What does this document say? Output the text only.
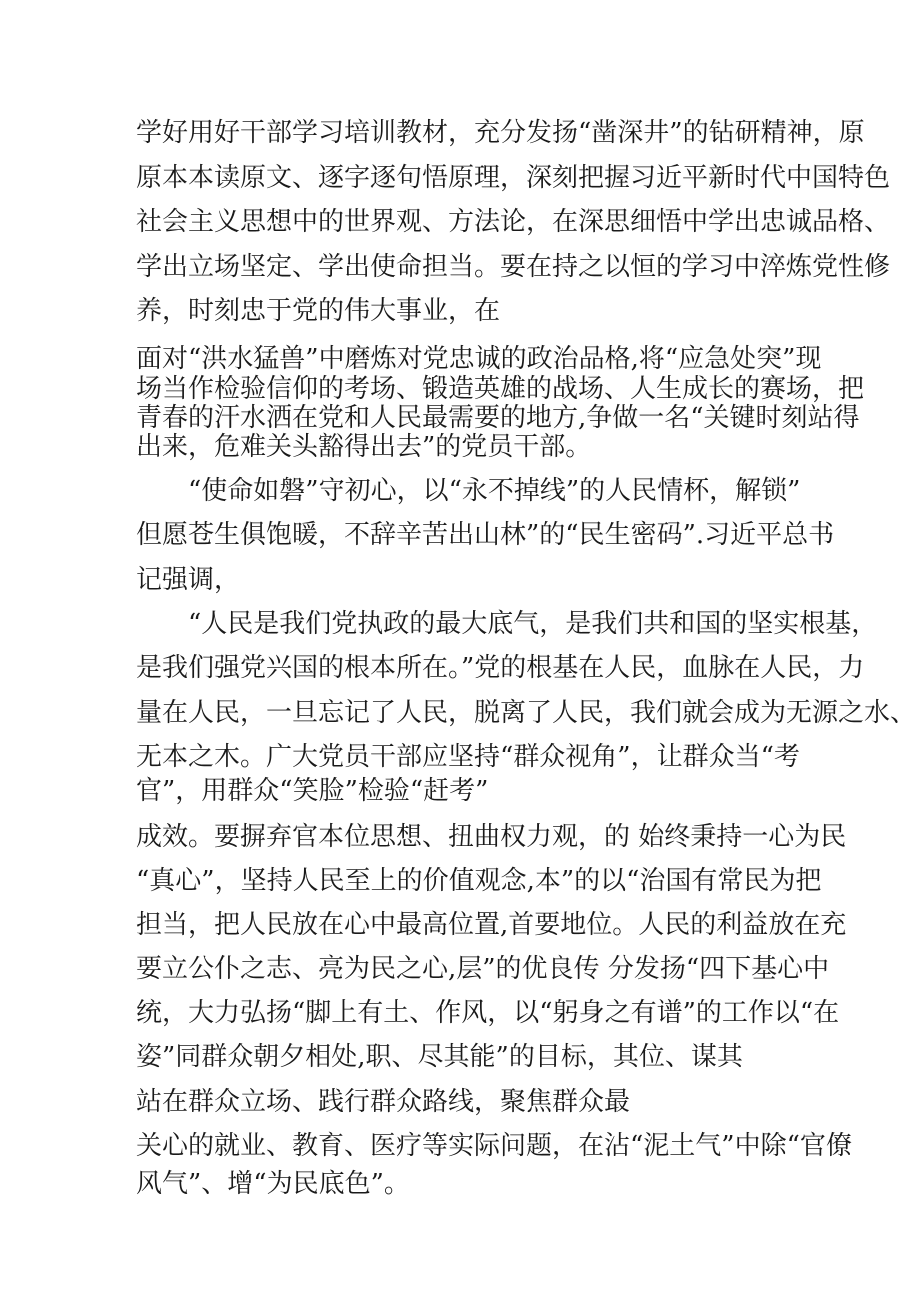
学好用好干部学习培训教材，充分发扬“凿深井”的钻研精神，原
原本本读原文、逐字逐句悟原理，深刻把握习近平新时代中国特色
社会主义思想中的世界观、方法论，在深思细悟中学出忠诚品格、
学出立场坚定、学出使命担当。要在持之以恒的学习中淬炼党性修
养，时刻忠于党的伟大事业，在
面对“洪水猛兽”中磨炼对党忠诚的政治品格,将“应急处突”现
场当作检验信仰的考场、锻造英雄的战场、人生成长的赛场，把
青春的汗水洒在党和人民最需要的地方,争做一名“关键时刻站得
出来，危难关头豁得出去”的党员干部。
“使命如磐”守初心，以“永不掉线”的人民情杯，解锁”
但愿苍生俱饱暖，不辞辛苦出山林”的“民生密码”.习近平总书
记强调，
“人民是我们党执政的最大底气，是我们共和国的坚实根基，
是我们强党兴国的根本所在。”党的根基在人民，血脉在人民，力
量在人民，一旦忘记了人民，脱离了人民，我们就会成为无源之水、
无本之木。广大党员干部应坚持“群众视角”，让群众当“考
官”，用群众“笑脸”检验“赶考”
成效。要摒弃官本位思想、扭曲权力观，的 始终秉持一心为民
“真心”，坚持人民至上的价值观念,本”的以“治国有常民为把
担当，把人民放在心中最高位置,首要地位。人民的利益放在充
要立公仆之志、亮为民之心,层”的优良传 分发扬“四下基心中
统，大力弘扬“脚上有土、作风，以“躬身之有谱”的工作以“在
姿”同群众朝夕相处,职、尽其能”的目标，其位、谋其
站在群众立场、践行群众路线，聚焦群众最
关心的就业、教育、医疗等实际问题，在沾“泥土气”中除“官僚
风气”、增“为民底色”。
